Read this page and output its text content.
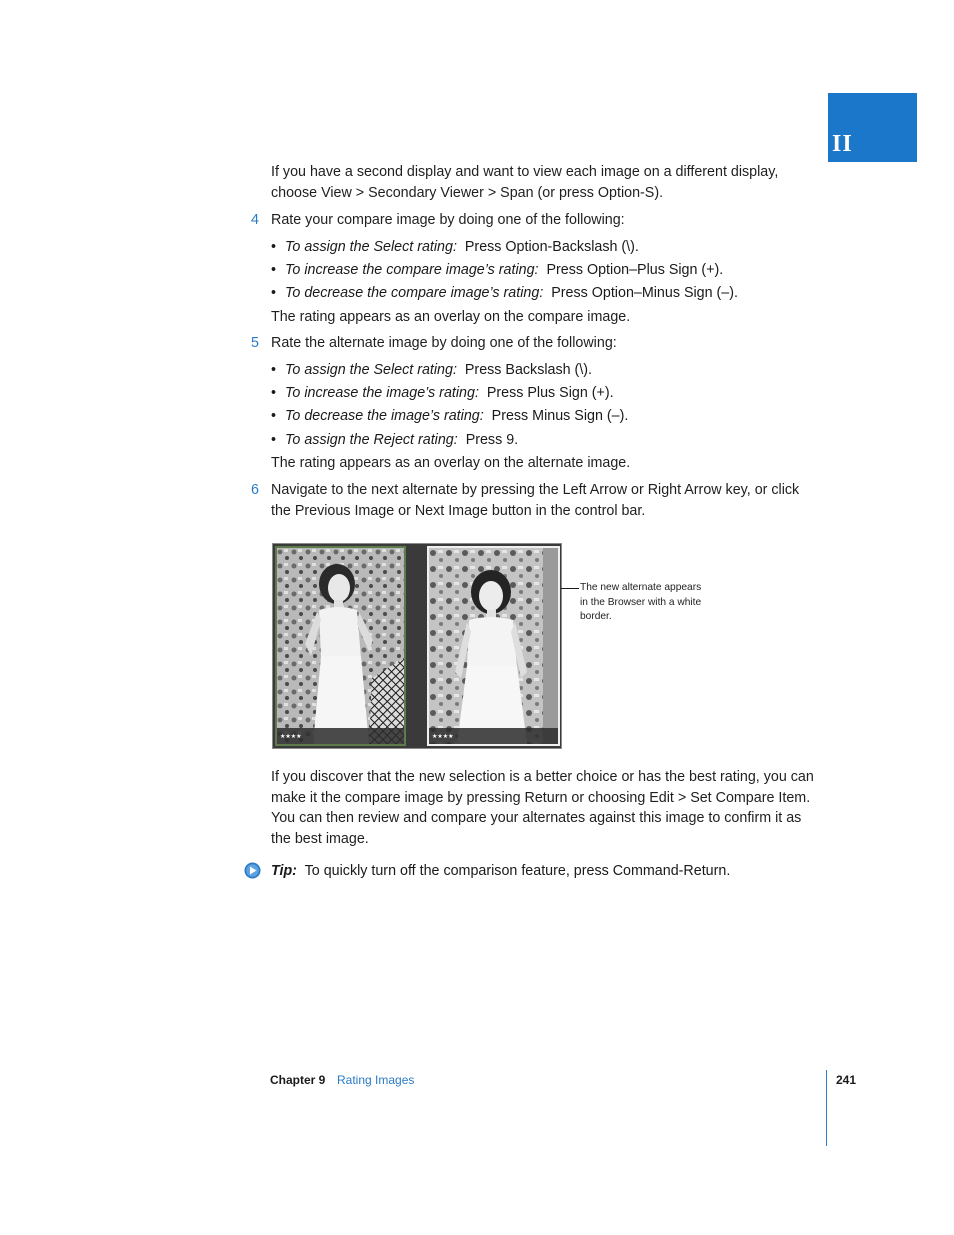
II
If you have a second display and want to view each image on a different display,
choose View > Secondary Viewer > Span (or press Option-S).
4 Rate your compare image by doing one of the following:
• To assign the Select rating: Press Option-Backslash (\).
• To increase the compare image’s rating: Press Option–Plus Sign (+).
• To decrease the compare image’s rating: Press Option–Minus Sign (–).
The rating appears as an overlay on the compare image.
5 Rate the alternate image by doing one of the following:
• To assign the Select rating: Press Backslash (\).
• To increase the image’s rating: Press Plus Sign (+).
• To decrease the image’s rating: Press Minus Sign (–).
• To assign the Reject rating: Press 9.
The rating appears as an overlay on the alternate image.
6 Navigate to the next alternate by pressing the Left Arrow or Right Arrow key, or click
the Previous Image or Next Image button in the control bar.
★★★★	★★★★
The new alternate appears in the Browser with a white border.
If you discover that the new selection is a better choice or has the best rating, you can
make it the compare image by pressing Return or choosing Edit > Set Compare Item.
You can then review and compare your alternates against this image to confirm it as
the best image.
Tip: To quickly turn off the comparison feature, press Command-Return.
Chapter 9 Rating Images	241
